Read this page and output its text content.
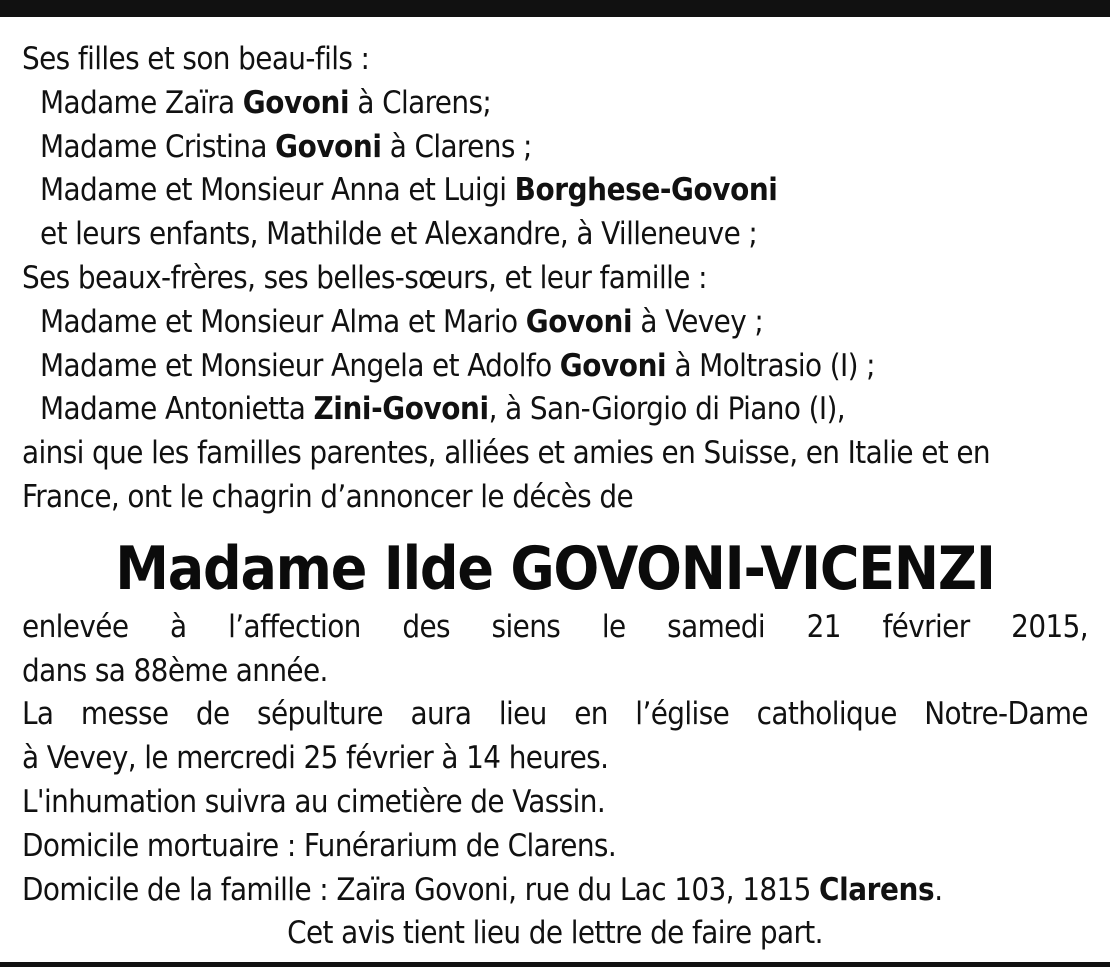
Ses filles et son beau-fils :
Madame Zaïra Govoni à Clarens;
Madame Cristina Govoni à Clarens ;
Madame et Monsieur Anna et Luigi Borghese-Govoni
et leurs enfants, Mathilde et Alexandre, à Villeneuve ;
Ses beaux-frères, ses belles-sœurs, et leur famille :
Madame et Monsieur Alma et Mario Govoni à Vevey ;
Madame et Monsieur Angela et Adolfo Govoni à Moltrasio (I) ;
Madame Antonietta Zini-Govoni, à San-Giorgio di Piano (I),
ainsi que les familles parentes, alliées et amies en Suisse, en Italie et en
France, ont le chagrin d’annoncer le décès de
Madame Ilde GOVONI-VICENZI
enlevée à l’affection des siens le samedi 21 février 2015,
dans sa 88ème année.
La messe de sépulture aura lieu en l’église catholique Notre-Dame
à Vevey, le mercredi 25 février à 14 heures.
L'inhumation suivra au cimetière de Vassin.
Domicile mortuaire : Funérarium de Clarens.
Domicile de la famille : Zaïra Govoni, rue du Lac 103, 1815 Clarens.
Cet avis tient lieu de lettre de faire part.
